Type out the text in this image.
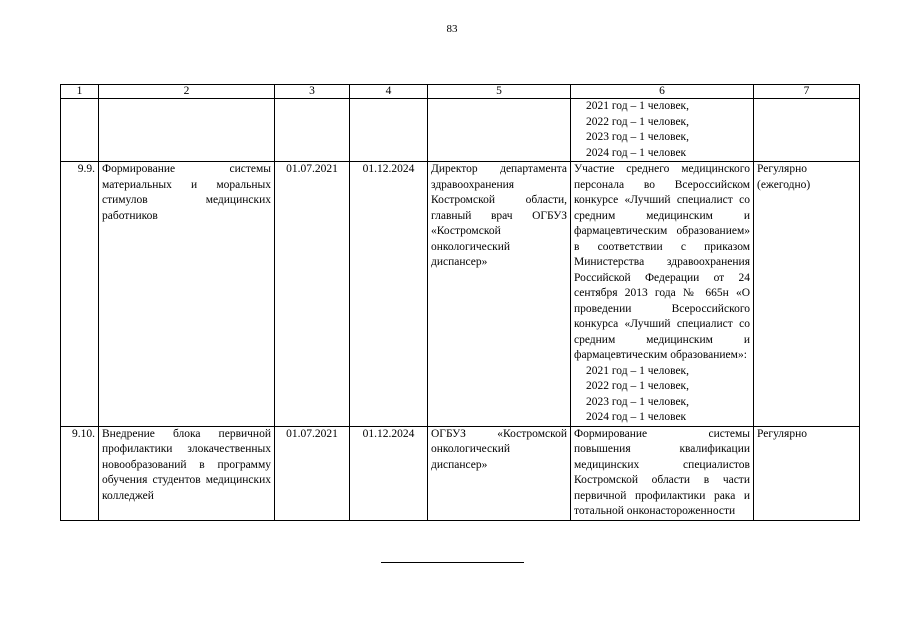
83
1	2	3	4	5	6	7

					2021 год – 1 человек,
2022 год – 1 человек,
2023 год – 1 человек,
2024 год – 1 человек	

9.9.	Формирование системы материальных и моральных стимулов медицинских работников	01.07.2021	01.12.2024	Директор департамента здравоохранения Костромской области, главный врач ОГБУЗ «Костромской онкологический диспансер»	Участие среднего медицинского персонала во Всероссийском конкурсе «Лучший специалист со средним медицинским и фармацевтическим образованием» в соответствии с приказом Министерства здравоохранения Российской Федерации от 24 сентября 2013 года № 665н «О проведении Всероссийского конкурса «Лучший специалист со средним медицинским и фармацевтическим образованием»:
2021 год – 1 человек,
2022 год – 1 человек,
2023 год – 1 человек,
2024 год – 1 человек	Регулярно (ежегодно)
9.10.	Внедрение блока первичной профилактики злокачественных новообразований в программу обучения студентов медицинских колледжей	01.07.2021	01.12.2024	ОГБУЗ «Костромской онкологический диспансер»	Формирование системы повышения квалификации медицинских специалистов Костромской области в части первичной профилактики рака и тотальной онконастороженности	Регулярно
